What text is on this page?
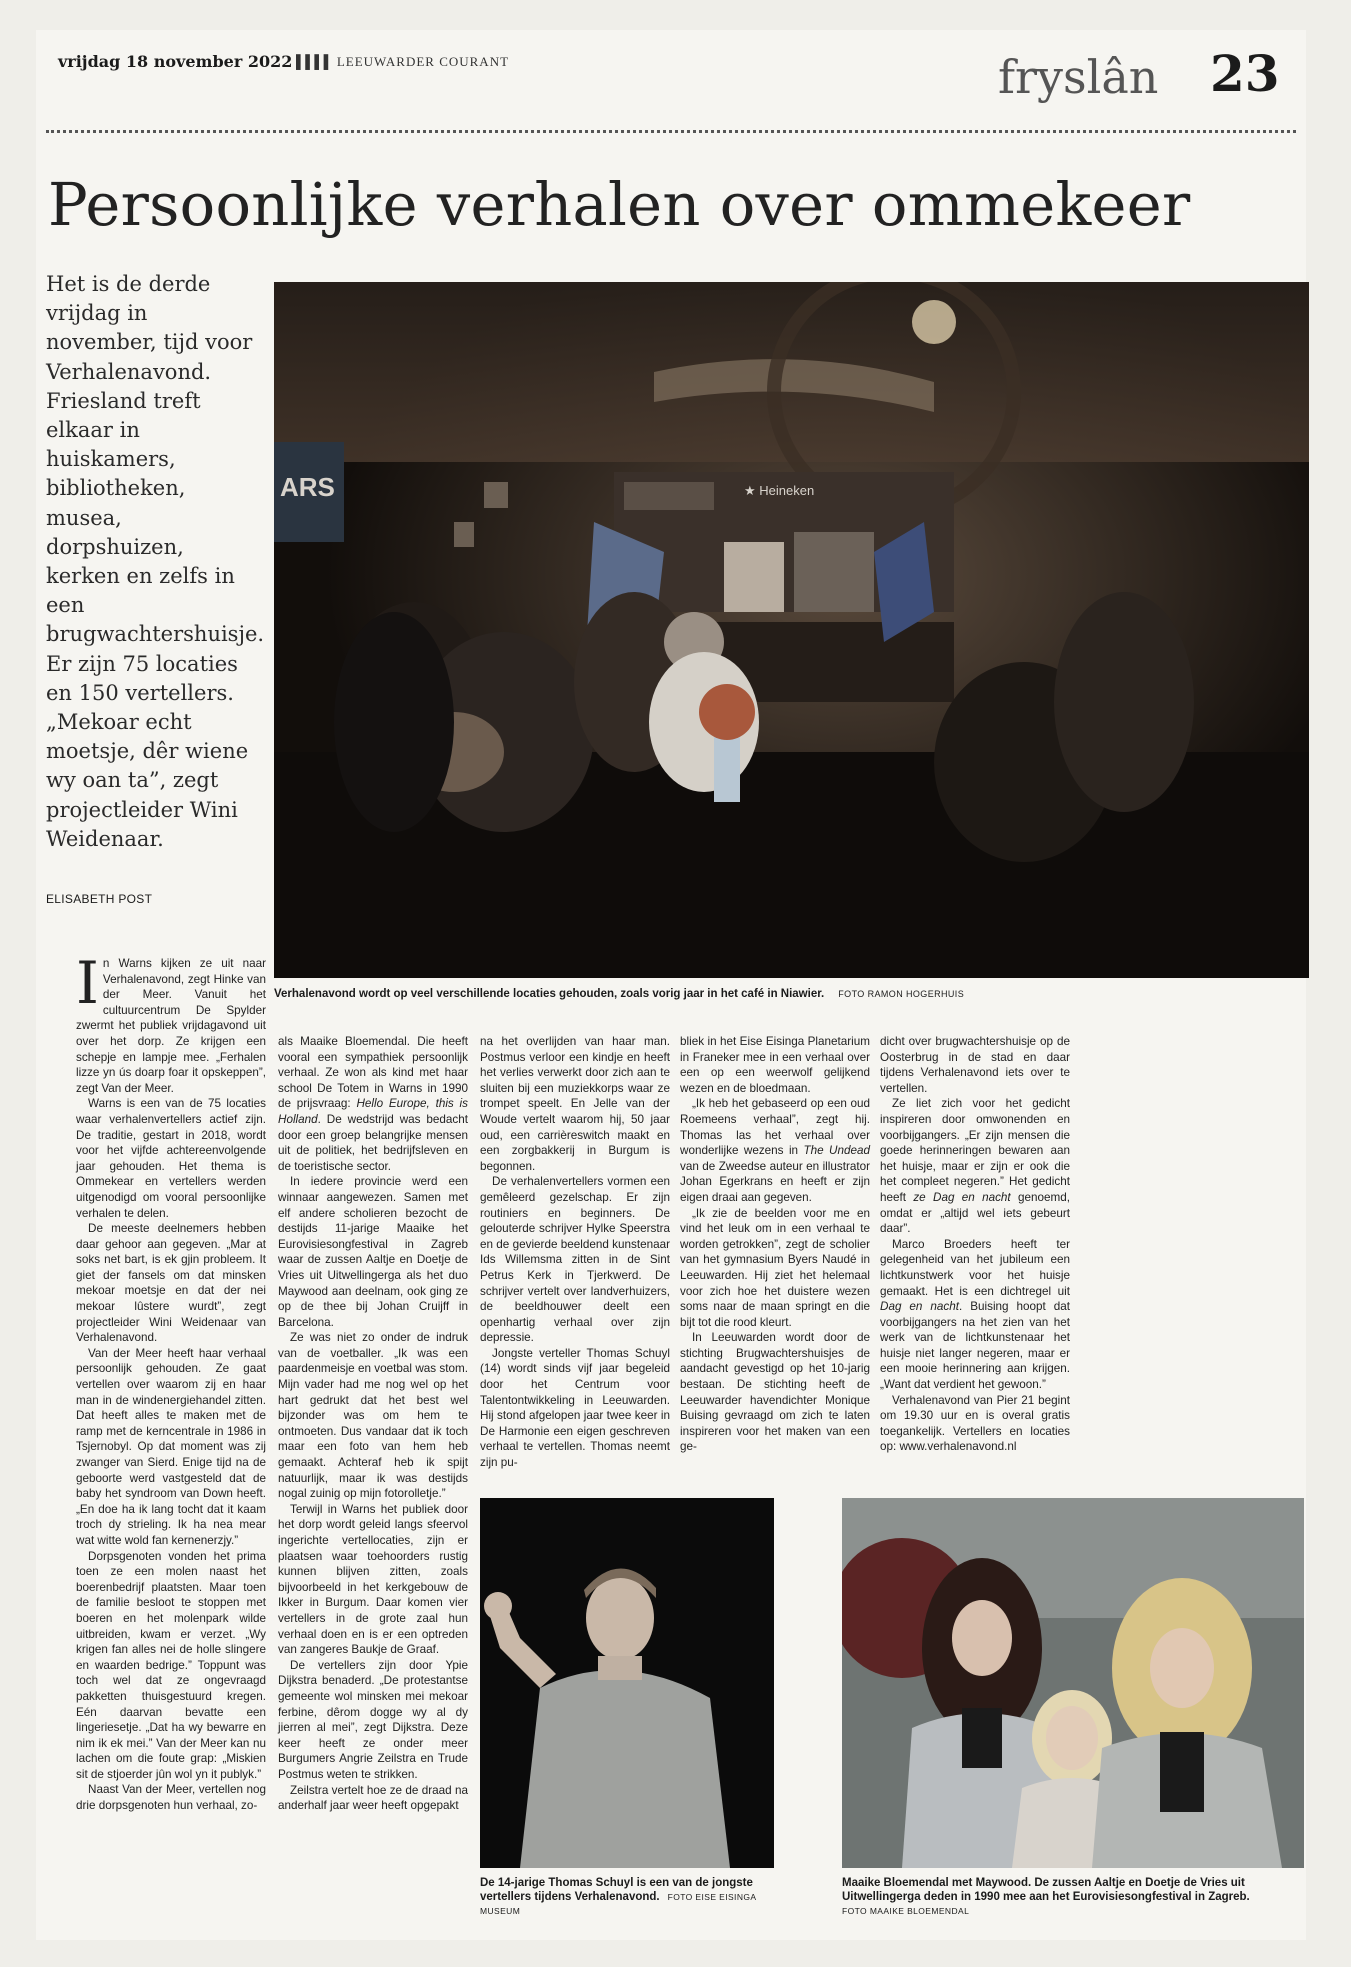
vrijdag 18 november 2022 ▌▌▌▌ LEEUWARDER COURANT	fryslân 23
Persoonlijke verhalen over ommekeer
Het is de derde vrijdag in november, tijd voor Verhalenavond. Friesland treft elkaar in huiskamers, bibliotheken, musea, dorpshuizen, kerken en zelfs in een brugwachtershuisje. Er zijn 75 locaties en 150 vertellers. „Mekoar echt moetsje, dêr wiene wy oan ta”, zegt projectleider Wini Weidenaar.
ELISABETH POST
ARS	★ Heineken
Verhalenavond wordt op veel verschillende locaties gehouden, zoals vorig jaar in het café in Niawier. FOTO RAMON HOGERHUIS

In Warns kijken ze uit naar Verhalenavond, zegt Hinke van der Meer. Vanuit het cultuurcentrum De Spylder zwermt het publiek vrijdagavond uit over het dorp. Ze krijgen een schepje en lampje mee. „Ferhalen lizze yn ús doarp foar it opskeppen”, zegt Van der Meer.

Warns is een van de 75 locaties waar verhalenvertellers actief zijn. De traditie, gestart in 2018, wordt voor het vijfde achtereenvolgende jaar gehouden. Het thema is Ommekear en vertellers werden uitgenodigd om vooral persoonlijke verhalen te delen.

De meeste deelnemers hebben daar gehoor aan gegeven. „Mar at soks net bart, is ek gjin probleem. It giet der fansels om dat minsken mekoar moetsje en dat der nei mekoar lûstere wurdt”, zegt projectleider Wini Weidenaar van Verhalenavond.

Van der Meer heeft haar verhaal persoonlijk gehouden. Ze gaat vertellen over waarom zij en haar man in de windenergiehandel zitten. Dat heeft alles te maken met de ramp met de kerncentrale in 1986 in Tsjernobyl. Op dat moment was zij zwanger van Sierd. Enige tijd na de geboorte werd vastgesteld dat de baby het syndroom van Down heeft. „En doe ha ik lang tocht dat it kaam troch dy strieling. Ik ha nea mear wat witte wold fan kernenerzjy.”

Dorpsgenoten vonden het prima toen ze een molen naast het boerenbedrijf plaatsten. Maar toen de familie besloot te stoppen met boeren en het molenpark wilde uitbreiden, kwam er verzet. „Wy krigen fan alles nei de holle slingere en waarden bedrige.” Toppunt was toch wel dat ze ongevraagd pakketten thuisgestuurd kregen. Eén daarvan bevatte een lingeriesetje. „Dat ha wy bewarre en nim ik ek mei.” Van der Meer kan nu lachen om die foute grap: „Miskien sit de stjoerder jûn wol yn it publyk.”

Naast Van der Meer, vertellen nog drie dorpsgenoten hun verhaal, zo-

als Maaike Bloemendal. Die heeft vooral een sympathiek persoonlijk verhaal. Ze won als kind met haar school De Totem in Warns in 1990 de prijsvraag: Hello Europe, this is Holland. De wedstrijd was bedacht door een groep belangrijke mensen uit de politiek, het bedrijfsleven en de toeristische sector.

In iedere provincie werd een winnaar aangewezen. Samen met elf andere scholieren bezocht de destijds 11-jarige Maaike het Eurovisiesongfestival in Zagreb waar de zussen Aaltje en Doetje de Vries uit Uitwellingerga als het duo Maywood aan deelnam, ook ging ze op de thee bij Johan Cruijff in Barcelona.

Ze was niet zo onder de indruk van de voetballer. „Ik was een paardenmeisje en voetbal was stom. Mijn vader had me nog wel op het hart gedrukt dat het best wel bijzonder was om hem te ontmoeten. Dus vandaar dat ik toch maar een foto van hem heb gemaakt. Achteraf heb ik spijt natuurlijk, maar ik was destijds nogal zuinig op mijn fotorolletje.”

Terwijl in Warns het publiek door het dorp wordt geleid langs sfeervol ingerichte vertellocaties, zijn er plaatsen waar toehoorders rustig kunnen blijven zitten, zoals bijvoorbeeld in het kerkgebouw de Ikker in Burgum. Daar komen vier vertellers in de grote zaal hun verhaal doen en is er een optreden van zangeres Baukje de Graaf.

De vertellers zijn door Ypie Dijkstra benaderd. „De protestantse gemeente wol minsken mei mekoar ferbine, dêrom dogge wy al dy jierren al mei”, zegt Dijkstra. Deze keer heeft ze onder meer Burgumers Angrie Zeilstra en Trude Postmus weten te strikken.

Zeilstra vertelt hoe ze de draad na anderhalf jaar weer heeft opgepakt

na het overlijden van haar man. Postmus verloor een kindje en heeft het verlies verwerkt door zich aan te sluiten bij een muziekkorps waar ze trompet speelt. En Jelle van der Woude vertelt waarom hij, 50 jaar oud, een carrièreswitch maakt en een zorgbakkerij in Burgum is begonnen.

De verhalenvertellers vormen een gemêleerd gezelschap. Er zijn routiniers en beginners. De gelouterde schrijver Hylke Speerstra en de gevierde beeldend kunstenaar Ids Willemsma zitten in de Sint Petrus Kerk in Tjerkwerd. De schrijver vertelt over landverhuizers, de beeldhouwer deelt een openhartig verhaal over zijn depressie.

Jongste verteller Thomas Schuyl (14) wordt sinds vijf jaar begeleid door het Centrum voor Talentontwikkeling in Leeuwarden. Hij stond afgelopen jaar twee keer in De Harmonie een eigen geschreven verhaal te vertellen. Thomas neemt zijn pu-

bliek in het Eise Eisinga Planetarium in Franeker mee in een verhaal over een op een weerwolf gelijkend wezen en de bloedmaan.

„Ik heb het gebaseerd op een oud Roemeens verhaal”, zegt hij. Thomas las het verhaal over wonderlijke wezens in The Undead van de Zweedse auteur en illustrator Johan Egerkrans en heeft er zijn eigen draai aan gegeven.

„Ik zie de beelden voor me en vind het leuk om in een verhaal te worden getrokken”, zegt de scholier van het gymnasium Byers Naudé in Leeuwarden. Hij ziet het helemaal voor zich hoe het duistere wezen soms naar de maan springt en die bijt tot die rood kleurt.

In Leeuwarden wordt door de stichting Brugwachtershuisjes de aandacht gevestigd op het 10-jarig bestaan. De stichting heeft de Leeuwarder havendichter Monique Buising gevraagd om zich te laten inspireren voor het maken van een ge-

dicht over brugwachtershuisje op de Oosterbrug in de stad en daar tijdens Verhalenavond iets over te vertellen.

Ze liet zich voor het gedicht inspireren door omwonenden en voorbijgangers. „Er zijn mensen die goede herinneringen bewaren aan het huisje, maar er zijn er ook die het compleet negeren.” Het gedicht heeft ze Dag en nacht genoemd, omdat er „altijd wel iets gebeurt daar”.

Marco Broeders heeft ter gelegenheid van het jubileum een lichtkunstwerk voor het huisje gemaakt. Het is een dichtregel uit Dag en nacht. Buising hoopt dat voorbijgangers na het zien van het werk van de lichtkunstenaar het huisje niet langer negeren, maar er een mooie herinnering aan krijgen. „Want dat verdient het gewoon.”

Verhalenavond van Pier 21 begint om 19.30 uur en is overal gratis toegankelijk. Vertellers en locaties op: www.verhalenavond.nl

De 14-jarige Thomas Schuyl is een van de jongste vertellers tijdens Verhalenavond. FOTO EISE EISINGA MUSEUM
Maaike Bloemendal met Maywood. De zussen Aaltje en Doetje de Vries uit Uitwellingerga deden in 1990 mee aan het Eurovisiesongfestival in Zagreb.
FOTO MAAIKE BLOEMENDAL
